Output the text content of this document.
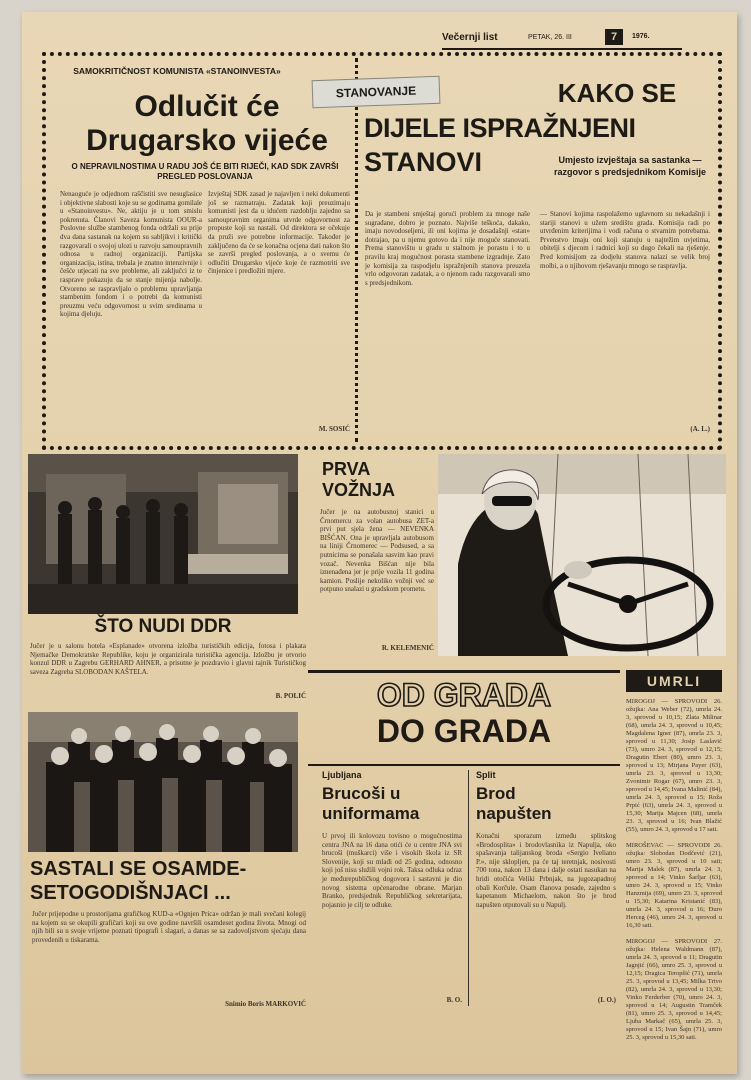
Večernji list	PETAK, 26. III	7	1976.
SAMOKRITIČNOST KOMUNISTA «STANOINVESTA»
Odlučit će
Drugarsko vijeće
O NEPRAVILNOSTIMA U RADU JOŠ ĆE BITI RIJEČI, KAD SDK ZAVRŠI PREGLED POSLOVANJA
Nenaoguće je odjednom raščistiti sve nesuglasice i objektivne slabosti koje su se godinama gomilale u «Stanoinvestu». Ne, aktiju je u tom smislu pokrenuta. Članovi Saveza komunista OOUR-a Poslovne službe stambenog fonda održali su prije dva dana sastanak na kojem su sabljikvi i kritički razgovarali o svojoj ulozi u razvoju samoupravnih odnosa u radnoj organizaciji. Partijska organizacija, istina, trebala je znatno intenzivnije i češće utjecati na sve probleme, ali zaključci iz te rasprave pokazuju da se stanje mijenja nabolje. Otvoreno se raspravljalo o problemu upravljanja stambenim fondom i o potrebi da komunisti preuzmu veću odgovornost u svim sredinama u kojima djeluju.
Izvještaj SDK zasad je najavljen i neki dokumenti još se razmatraju. Zadatak koji preuzimaju komunisti jest da u idućem razdoblju zajedno sa samoupravnim organima utvrde odgovornost za propuste koji su nastali. Od direktora se očekuje da pruži sve potrebne informacije. Također je zaključeno da će se konačna ocjena dati nakon što se završi pregled poslovanja, a o svemu će odlučiti Drugarsko vijeće koje će razmotriti sve činjenice i predložiti mjere.
M. SOSIĆ
STANOVANJE	KAKO SE
DIJELE ISPRAŽNJENI
STANOVI	Umjesto izvještaja sa sastanka — razgovor s predsjednikom Komisije
Da je stambeni smještaj gorući problem za mnoge naše sugrađane, dobro je poznato. Najviše teškoća, dakako, imaju novodoseljeni, ili oni kojima je dosadašnji «stan» dotrajao, pa u njemu gotovo da i nije moguće stanovati. Prema stanovištu u gradu u stalnom je porastu i to u pravilu kraj mogućnost porasta stambene izgradnje. Zato je komisija za raspodjelu ispražnjenih stanova preuzela vrlo odgovoran zadatak, a o njenom radu razgovarali smo s predsjednikom.
— Stanovi kojima raspolažemo uglavnom su nekadašnji i stariji stanovi u užem središtu grada. Komisija radi po utvrđenim kriterijima i vodi računa o stvarnim potrebama. Prvenstvo imaju oni koji stanuju u najtežim uvjetima, obitelji s djecom i radnici koji su dugo čekali na rješenje. Pred komisijom za dodjelu stanova nalazi se velik broj molbi, a o njihovom rješavanju mnogo se raspravlja.
(A. L.)
PRVA
VOŽNJA
Jučer je na autobusnoj stanici u Črnomercu za volan autobusa ZET-a prvi put sjela žena — NEVENKA BIŠĆAN. Ona je upravljala autobusom na liniji Črnomerec — Podsused, a sa putnicima se ponašala sasvim kao pravi vozač. Nevenka Bišćan nije bila iznenađena jer je prije vozila 11 godina kamion. Poslije nekoliko vožnji već se potpuno snalazi u gradskom prometu.
R. KELEMENIĆ
ŠTO NUDI DDR
Jučer je u salonu hotela «Esplanade» otvorena izložba turističkih edicija, fotosa i plakata Njemačke Demokratske Republike, koju je organizirala turistička agencija. Izložbu je otvorio konzul DDR u Zagrebu GERHARD AHNER, a prisutne je pozdravio i glavni tajnik Turističkog saveza Zagreba SLOBODAN KAŠTELA.
B. POLIĆ
SASTALI SE OSAMDE-
SETOGODIŠNJACI ...
Jučer prijepodne u prostorijama grafičkog KUD-a «Ognjen Prica» održan je mali svečani kolegij na kojem su se okupili grafičari koji su ove godine navršili osamdeset godina života. Mnogi od njih bili su u svoje vrijeme poznati tipografi i slagari, a danas se sa zadovoljstvom sjećaju dana provedenih u tiskarama.
Snimio Boris MARKOVIĆ
OD GRADA
DO GRADA
Ljubljana
Brucoši u
uniformama
U prvoj ili kolovozu tovisno o mogućnostima centra JNA na 16 dana otići će u centre JNA svi brucoši (muškarci) više i visokih škola iz SR Slovenije, koji su mlađi od 25 godina, odnosno koji još nisu služili vojni rok. Taksa odluka odraz je međurepubličkog dogovora i sastavni je dio novog sistema općenarodne obrane. Marjan Branko, predsjednik Republičkog sekretarijata, pojasnio je cilj te odluke.
B. O.
Split
Brod
napušten
Konačni sporazum između splitskog «Brodosplita» i brodovlasnika iz Napulja, oko spašavanja talijanskog broda «Sergio Iveliano P.», nije sklopljen, pa će taj teretnjak, nosivosti 700 tona, nakon 13 dana i dalje ostati nasukan na hridi otočića Veliki Prbnjak, na jugozapadnoj obali Korčule. Osam članova posade, zajedno s kapetanom Michaelom, nakon što je brod napušten otputovali su u Napulj.
(I. O.)
UMRLI
MIROGOJ — SPROVODI 26. ožujka: Ana Weber (72), umrla 24. 3, sprovod u 10,15; Zlata Milinar (68), umrla 24. 3, sprovod u 10,45; Magdalena Igner (87), umrla 23. 3, sprovod u 11,30; Josip Laslavić (73), umro 24. 3, sprovod u 12,15; Dragutin Ebert (80), umro 23. 3, sprovod u 13; Mirjana Payer (63), umrla 23. 3, sprovod u 13,30; Zvonimir Rogar (67), umro 23. 3, sprovod u 14,45; Ivana Malinić (84), umrla 24. 3, sprovod u 15; Roža Prpić (63), umrla 24. 3, sprovod u 15,30; Marija Majcen (68), umrla 23. 3, sprovod u 16; Ivan Blažić (55), umro 24. 3, sprovod u 17 sati.

MIROŠEVAC — SPROVODI 26. ožujka: Slobodan Dodčević (21), umro 23. 3, sprovod u 10 sati; Marija Malek (87), umrla 24. 3, sprovod u 14; Vinko Šarljar (63), umro 24. 3, sprovod u 15; Vinko Hanzmija (69), umro 23. 3, sprovod u 15,30; Katarina Kristanić (83), umrla 24. 3, sprovod u 16; Đuro Herceg (46), umro 24. 3, sprovod u 16,30 sati.

MIROGOJ — SPROVODI 27. ožujka: Helena Waldmann (87), umrla 24. 3, sprovod u 11; Dragutin Jagnjić (66), umro 25. 3, sprovod u 12,15; Dragica Teropšić (71), umrla 25. 3, sprovod u 13,45; Milka Trivo (82), umrla 24. 3, sprovod u 13,30; Vinko Ferderber (70), umro 24. 3, sprovod u 14; Augustin Tramček (81), umro 25. 3, sprovod u 14,45; Ljuba Markač (65), umrla 25. 3, sprovod u 15; Ivan Šajn (71), umro 25. 3, sprovod u 15,30 sati.
